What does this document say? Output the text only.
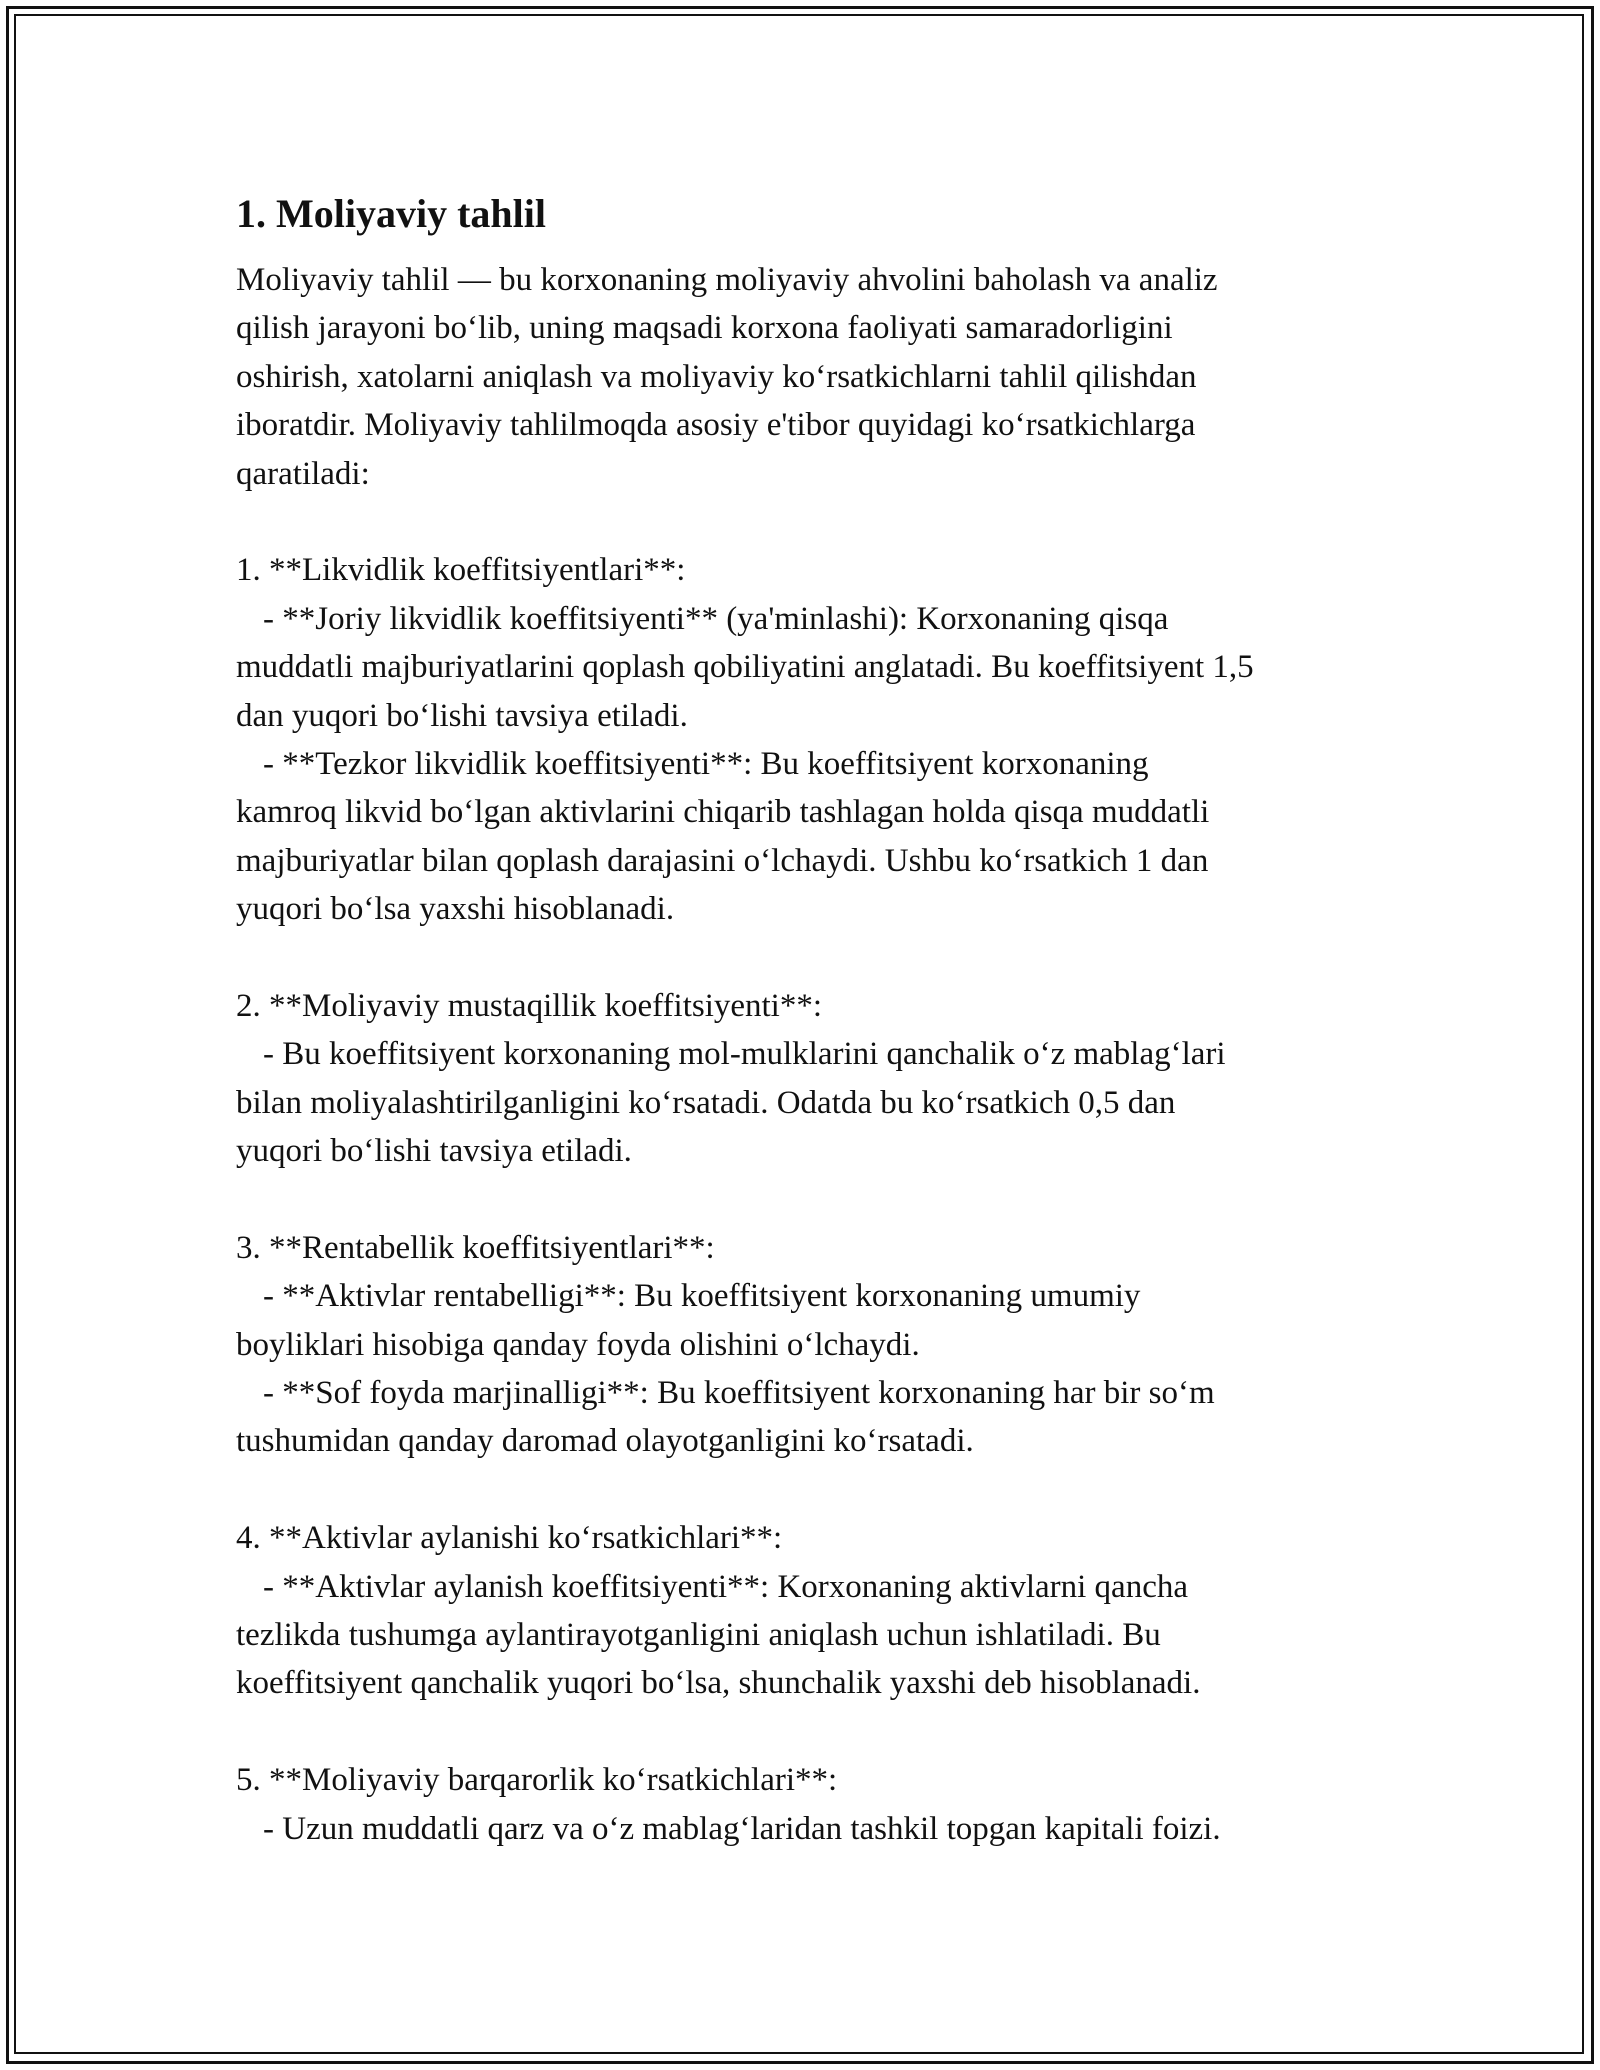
1. Moliyaviy tahlil
Moliyaviy tahlil — bu korxonaning moliyaviy ahvolini baholash va analiz
qilish jarayoni bo‘lib, uning maqsadi korxona faoliyati samaradorligini
oshirish, xatolarni aniqlash va moliyaviy ko‘rsatkichlarni tahlil qilishdan
iboratdir. Moliyaviy tahlilmoqda asosiy e'tibor quyidagi ko‘rsatkichlarga
qaratiladi:
1. **Likvidlik koeffitsiyentlari**:
- **Joriy likvidlik koeffitsiyenti** (ya'minlashi): Korxonaning qisqa
muddatli majburiyatlarini qoplash qobiliyatini anglatadi. Bu koeffitsiyent 1,5
dan yuqori bo‘lishi tavsiya etiladi.
- **Tezkor likvidlik koeffitsiyenti**: Bu koeffitsiyent korxonaning
kamroq likvid bo‘lgan aktivlarini chiqarib tashlagan holda qisqa muddatli
majburiyatlar bilan qoplash darajasini o‘lchaydi. Ushbu ko‘rsatkich 1 dan
yuqori bo‘lsa yaxshi hisoblanadi.
2. **Moliyaviy mustaqillik koeffitsiyenti**:
- Bu koeffitsiyent korxonaning mol-mulklarini qanchalik o‘z mablag‘lari
bilan moliyalashtirilganligini ko‘rsatadi. Odatda bu ko‘rsatkich 0,5 dan
yuqori bo‘lishi tavsiya etiladi.
3. **Rentabellik koeffitsiyentlari**:
- **Aktivlar rentabelligi**: Bu koeffitsiyent korxonaning umumiy
boyliklari hisobiga qanday foyda olishini o‘lchaydi.
- **Sof foyda marjinalligi**: Bu koeffitsiyent korxonaning har bir so‘m
tushumidan qanday daromad olayotganligini ko‘rsatadi.
4. **Aktivlar aylanishi ko‘rsatkichlari**:
- **Aktivlar aylanish koeffitsiyenti**: Korxonaning aktivlarni qancha
tezlikda tushumga aylantirayotganligini aniqlash uchun ishlatiladi. Bu
koeffitsiyent qanchalik yuqori bo‘lsa, shunchalik yaxshi deb hisoblanadi.
5. **Moliyaviy barqarorlik ko‘rsatkichlari**:
- Uzun muddatli qarz va o‘z mablag‘laridan tashkil topgan kapitali foizi.
